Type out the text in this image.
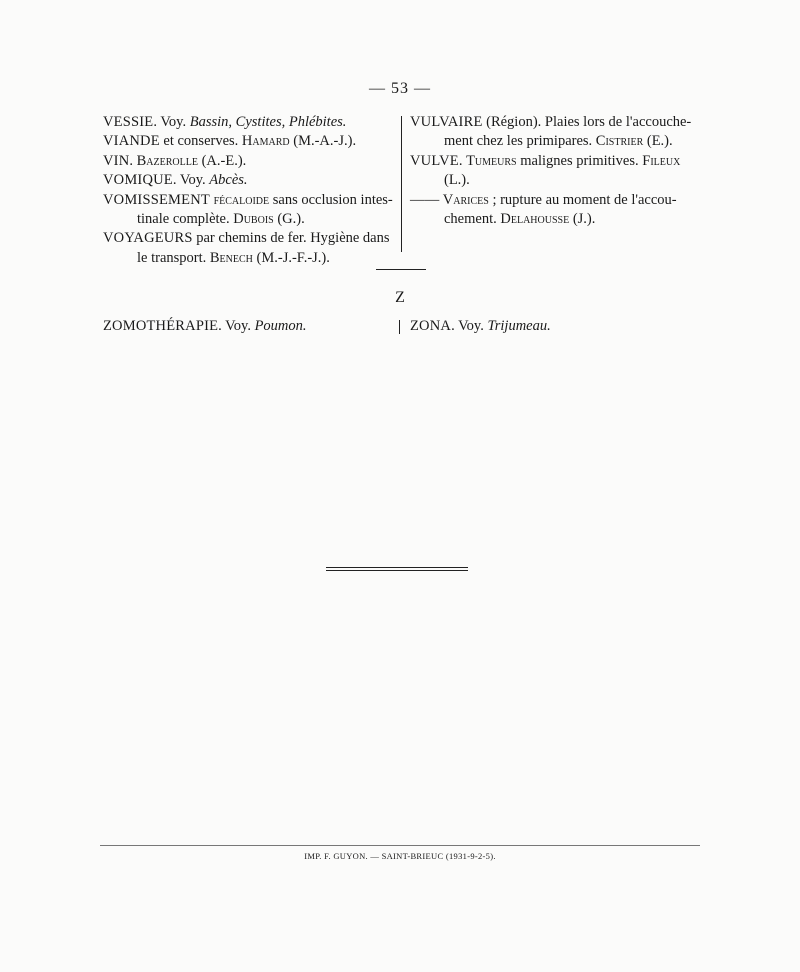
— 53 —
VESSIE. Voy. Bassin, Cystites, Phlébites.
VIANDE et conserves. Hamard (M.-A.-J.).
VIN. Bazerolle (A.-E.).
VOMIQUE. Voy. Abcès.
VOMISSEMENT fécaloide sans occlusion intes-
tinale complète. Dubois (G.).
VOYAGEURS par chemins de fer. Hygiène dans
le transport. Benech (M.-J.-F.-J.).
VULVAIRE (Région). Plaies lors de l'accouche-
ment chez les primipares. Cistrier (E.).
VULVE. Tumeurs malignes primitives. Fileux
(L.).
—— Varices ; rupture au moment de l'accou-
chement. Delahousse (J.).
Z
ZOMOTHÉRAPIE. Voy. Poumon.	ZONA. Voy. Trijumeau.
IMP. F. GUYON. — SAINT-BRIEUC (1931-9-2-5).
